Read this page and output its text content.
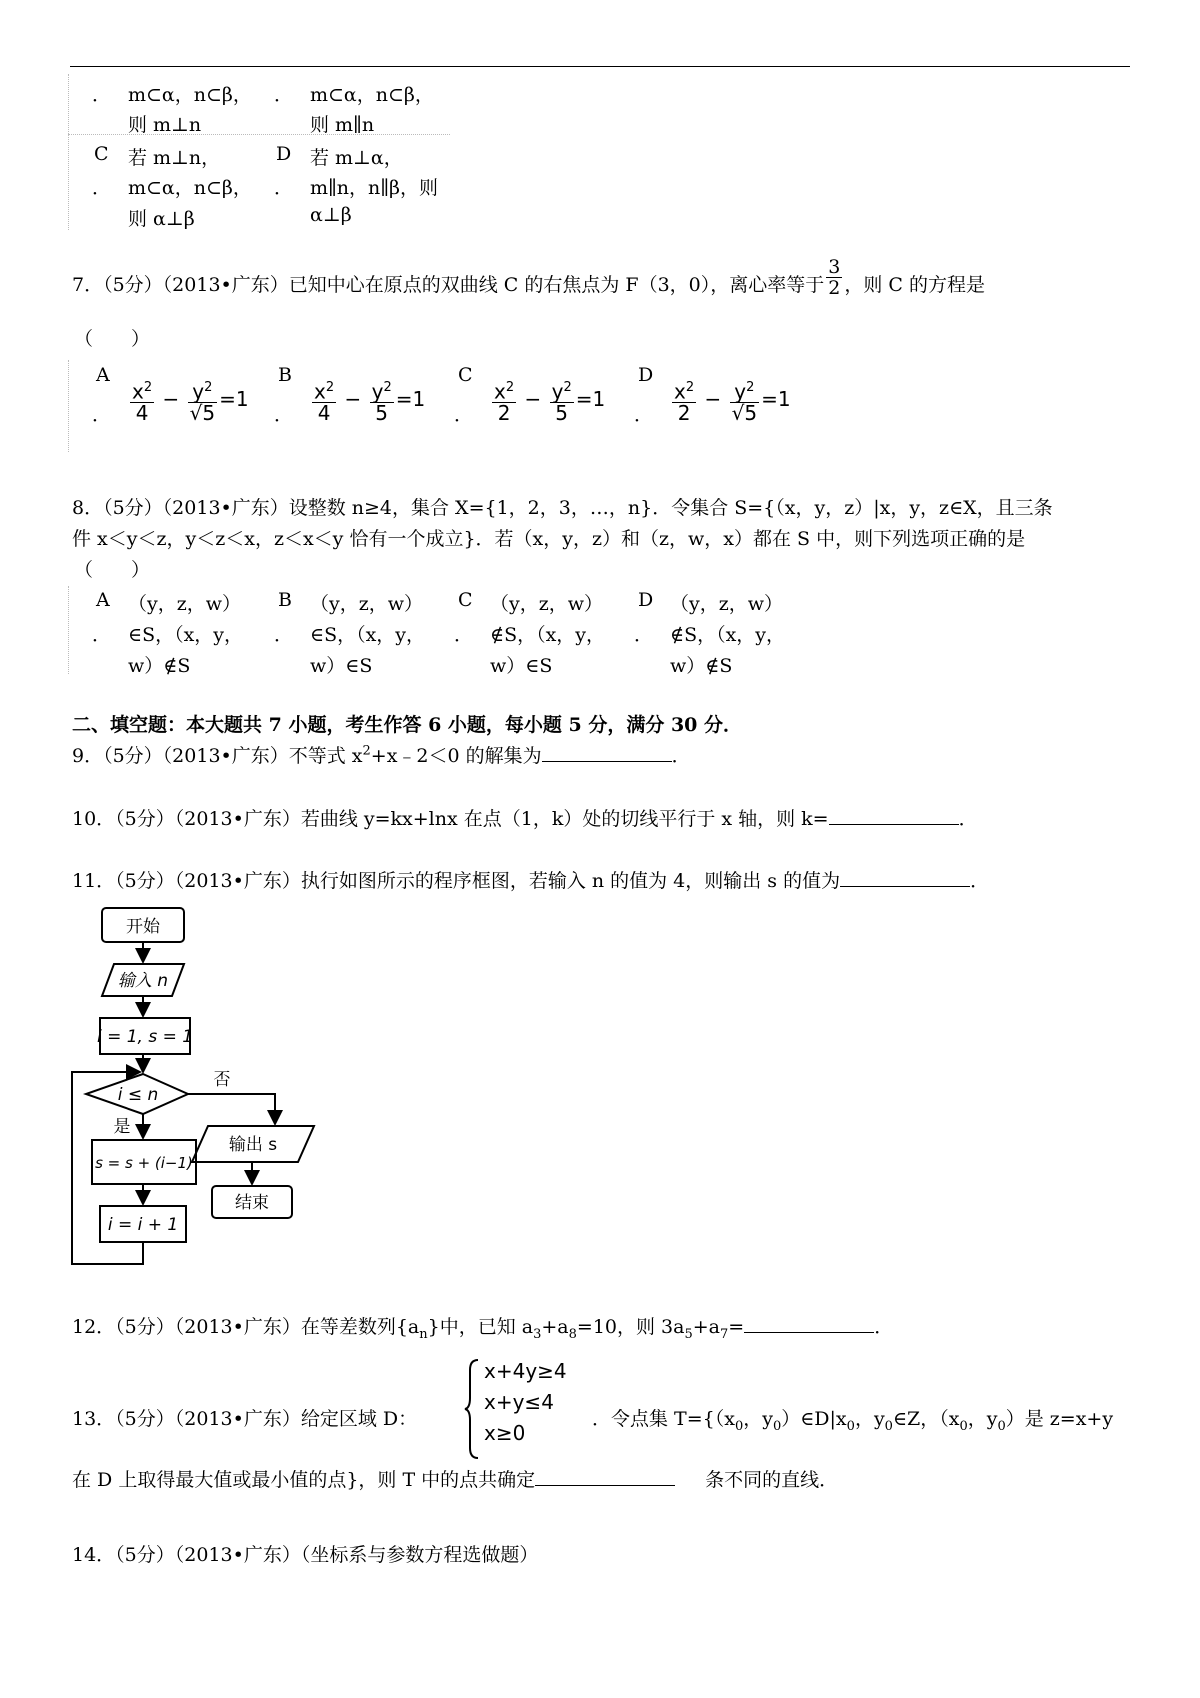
． m⊂α，n⊂β，
则 m⊥n
． m⊂α，n⊂β，
则 m∥n
C
．
若 m⊥n，
m⊂α，n⊂β，
则 α⊥β
D
．
若 m⊥α，
m∥n，n∥β，则
α⊥β
7．（5分）（2013•广东）已知中心在原点的双曲线 C 的右焦点为 F（3，0），离心率等于 $\frac{3}{2}$ ，则 C 的方程是
（　　）
A
． $\frac{x^2}{4} - \frac{y^2}{√5} =1$
B
． $\frac{x^2}{4} - \frac{y^2}{5} =1$
C
． $\frac{x^2}{2} - \frac{y^2}{5} =1$
D
． $\frac{x^2}{2} - \frac{y^2}{√5} =1$
8．（5分）（2013•广东）设整数 n≥4，集合 X={1，2，3，…，n}．令集合 S={（x，y，z）|x，y，z∈X，且三条
件 x＜y＜z，y＜z＜x，z＜x＜y 恰有一个成立}．若（x，y，z）和（z，w，x）都在 S 中，则下列选项正确的是
（　　）
A
．
（y，z，w）
∈S，（x，y，
w）∉S
B
．
（y，z，w）
∈S，（x，y，
w）∈S
C
．
（y，z，w）
∉S，（x，y，
w）∈S
D
．
（y，z，w）
∉S，（x，y，
w）∉S
二、填空题：本大题共 7 小题，考生作答 6 小题，每小题 5 分，满分 30 分．
9．（5分）（2013•广东）不等式 $x^2+x﹣2<0$ 的解集为	．
10．（5分）（2013•广东）若曲线 y=kx+lnx 在点（1，k）处的切线平行于 x 轴，则 k=	．
11．（5分）（2013•广东）执行如图所示的程序框图，若输入 n 的值为 4，则输出 s 的值为	．
开始
输入 n
i = 1, s = 1
i ≤ n
否
是
s = s + (i−1)
i = i + 1
输出 s
结束
12．（5分）（2013•广东）在等差数列$\{a_n\}$中，已知 $a_3+a_8=10$，则 $3a_5+a_7=$	．
13．（5分）（2013•广东）给定区域 D：
x+4y≥4
x+y≤4
x≥0
．令点集 $T=\{(x_0$，$y_0)\in D|x_0$，$y_0\in Z$，（$x_0$，$y_0$）是 z=x+y
在 D 上取得最大值或最小值的点}，则 T 中的点共确定	条不同的直线．
14．（5分）（2013•广东）（坐标系与参数方程选做题）
